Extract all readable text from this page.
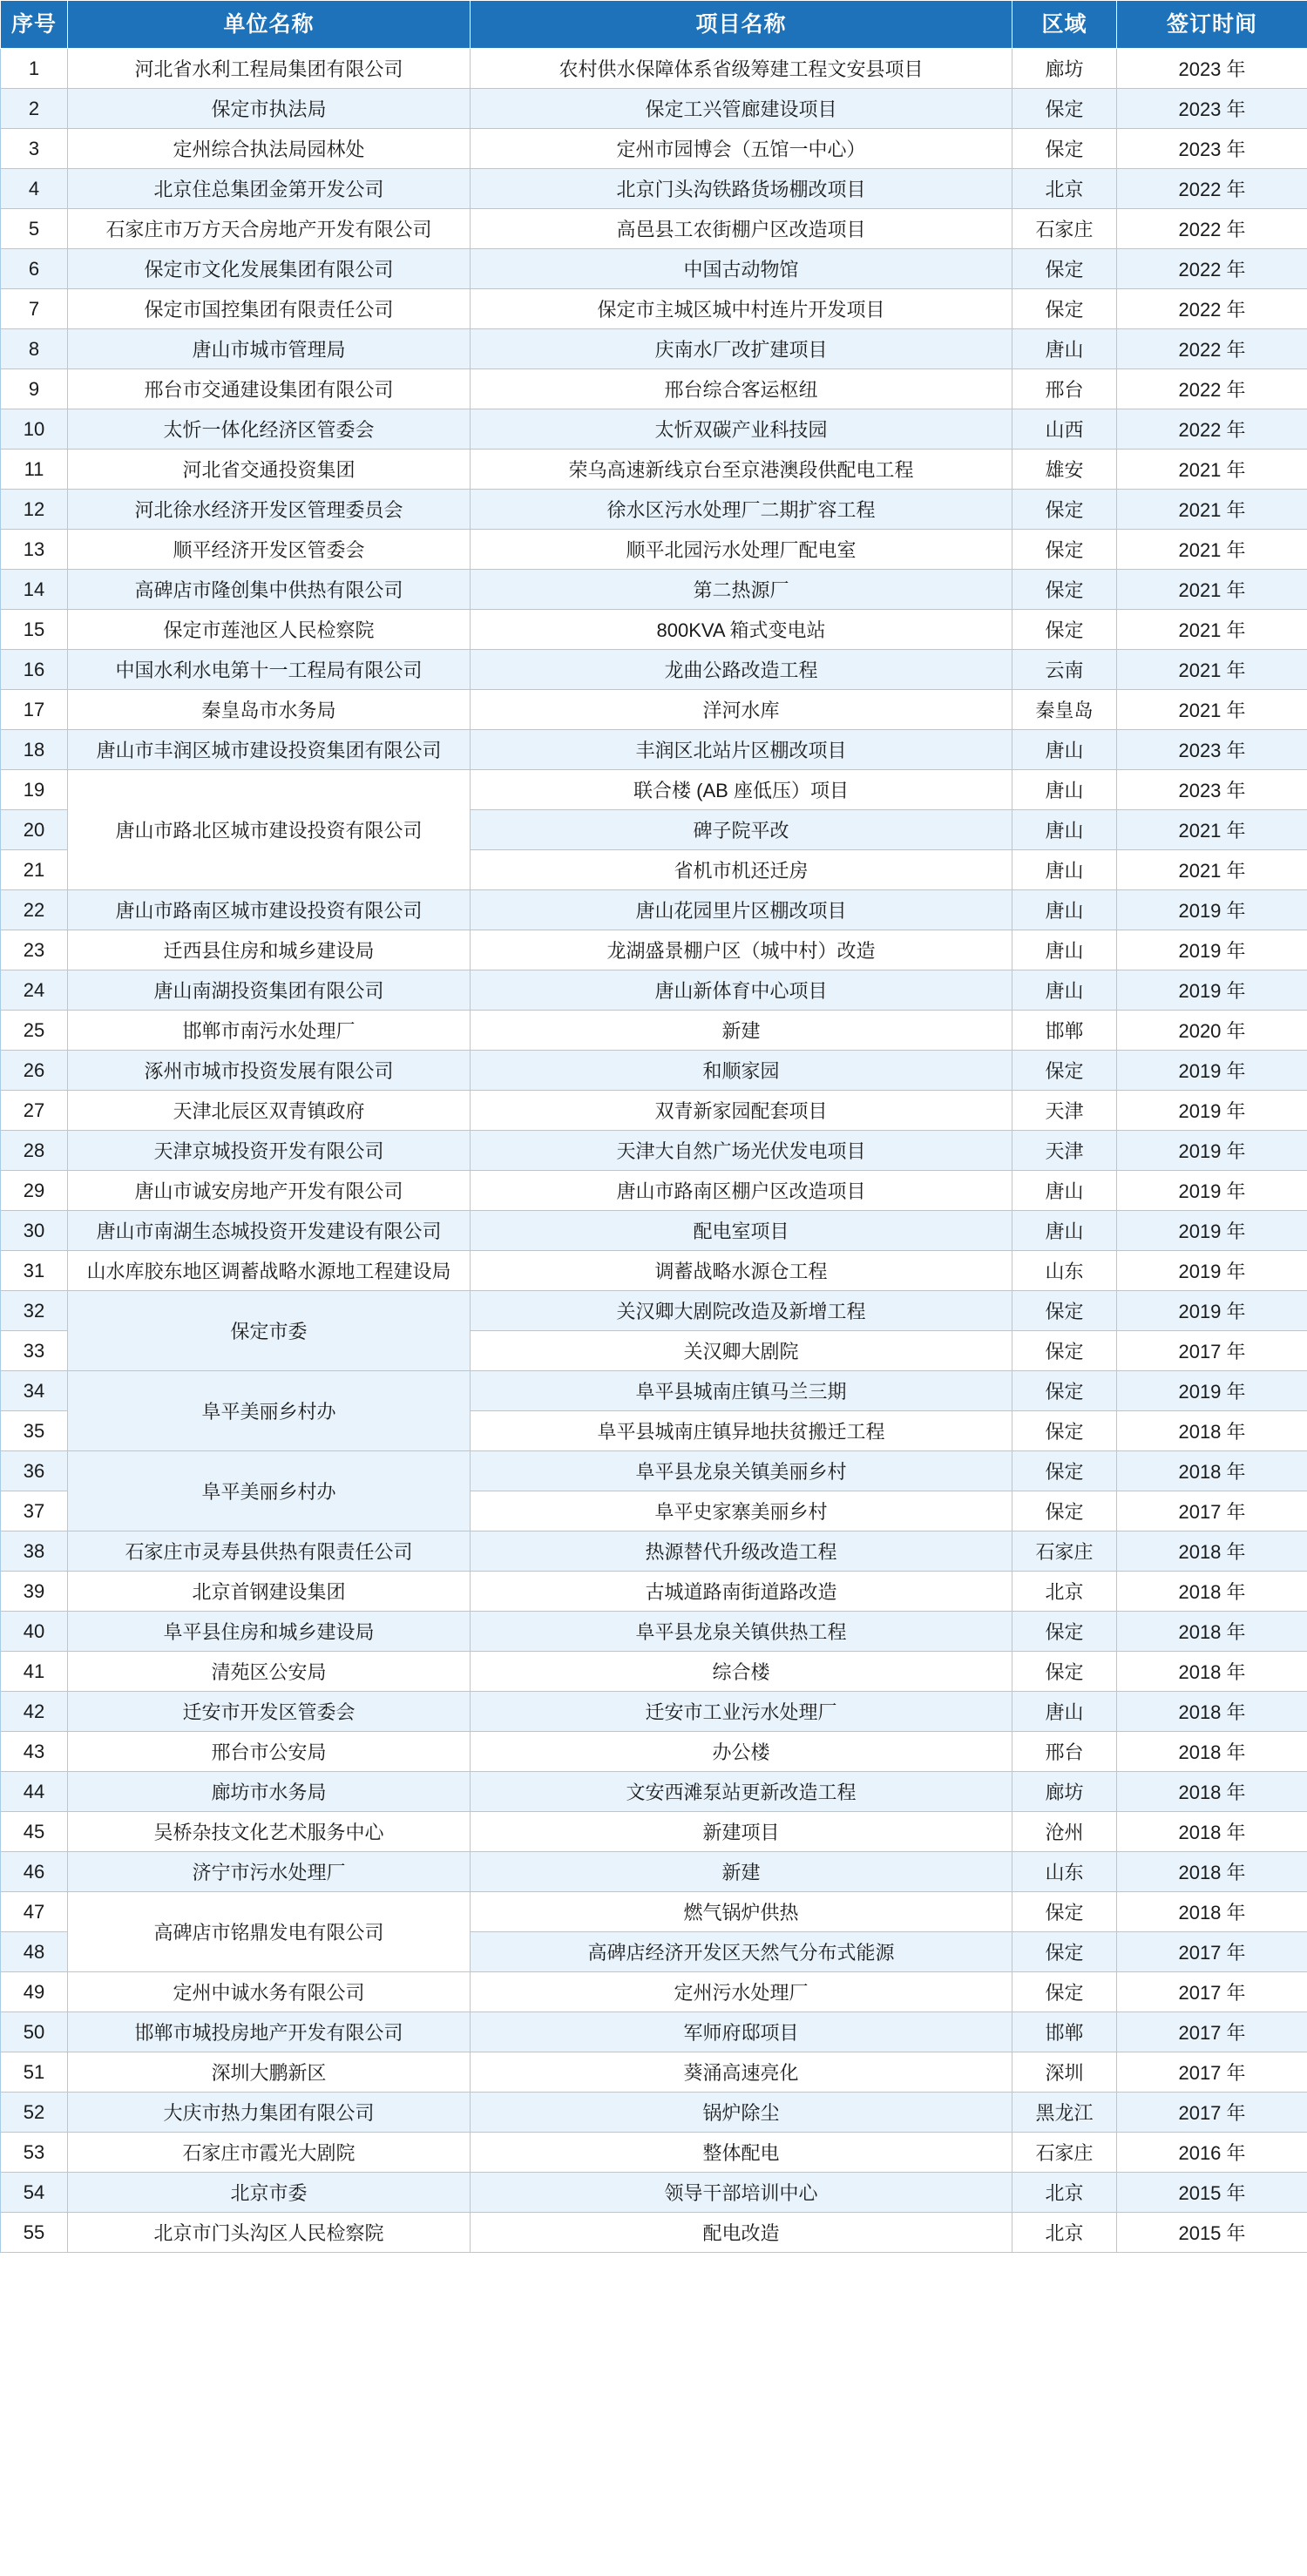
序号	单位名称	项目名称	区域	签订时间
1	河北省水利工程局集团有限公司	农村供水保障体系省级筹建工程文安县项目	廊坊	2023 年
2	保定市执法局	保定工兴管廊建设项目	保定	2023 年
3	定州综合执法局园林处	定州市园博会（五馆一中心）	保定	2023 年
4	北京住总集团金第开发公司	北京门头沟铁路货场棚改项目	北京	2022 年
5	石家庄市万方天合房地产开发有限公司	高邑县工农街棚户区改造项目	石家庄	2022 年
6	保定市文化发展集团有限公司	中国古动物馆	保定	2022 年
7	保定市国控集团有限责任公司	保定市主城区城中村连片开发项目	保定	2022 年
8	唐山市城市管理局	庆南水厂改扩建项目	唐山	2022 年
9	邢台市交通建设集团有限公司	邢台综合客运枢纽	邢台	2022 年
10	太忻一体化经济区管委会	太忻双碳产业科技园	山西	2022 年
11	河北省交通投资集团	荣乌高速新线京台至京港澳段供配电工程	雄安	2021 年
12	河北徐水经济开发区管理委员会	徐水区污水处理厂二期扩容工程	保定	2021 年
13	顺平经济开发区管委会	顺平北园污水处理厂配电室	保定	2021 年
14	高碑店市隆创集中供热有限公司	第二热源厂	保定	2021 年
15	保定市莲池区人民检察院	800KVA 箱式变电站	保定	2021 年
16	中国水利水电第十一工程局有限公司	龙曲公路改造工程	云南	2021 年
17	秦皇岛市水务局	洋河水库	秦皇岛	2021 年
18	唐山市丰润区城市建设投资集团有限公司	丰润区北站片区棚改项目	唐山	2023 年
19	唐山市路北区城市建设投资有限公司	联合楼 (AB 座低压）项目	唐山	2023 年
20		碑子院平改	唐山	2021 年
21		省机市机还迁房	唐山	2021 年
22	唐山市路南区城市建设投资有限公司	唐山花园里片区棚改项目	唐山	2019 年
23	迁西县住房和城乡建设局	龙湖盛景棚户区（城中村）改造	唐山	2019 年
24	唐山南湖投资集团有限公司	唐山新体育中心项目	唐山	2019 年
25	邯郸市南污水处理厂	新建	邯郸	2020 年
26	涿州市城市投资发展有限公司	和顺家园	保定	2019 年
27	天津北辰区双青镇政府	双青新家园配套项目	天津	2019 年
28	天津京城投资开发有限公司	天津大自然广场光伏发电项目	天津	2019 年
29	唐山市诚安房地产开发有限公司	唐山市路南区棚户区改造项目	唐山	2019 年
30	唐山市南湖生态城投资开发建设有限公司	配电室项目	唐山	2019 年
31	山水库胶东地区调蓄战略水源地工程建设局	调蓄战略水源仓工程	山东	2019 年
32	保定市委	关汉卿大剧院改造及新增工程	保定	2019 年
33		关汉卿大剧院	保定	2017 年
34	阜平美丽乡村办	阜平县城南庄镇马兰三期	保定	2019 年
35		阜平县城南庄镇异地扶贫搬迁工程	保定	2018 年
36	阜平美丽乡村办	阜平县龙泉关镇美丽乡村	保定	2018 年
37		阜平史家寨美丽乡村	保定	2017 年
38	石家庄市灵寿县供热有限责任公司	热源替代升级改造工程	石家庄	2018 年
39	北京首钢建设集团	古城道路南街道路改造	北京	2018 年
40	阜平县住房和城乡建设局	阜平县龙泉关镇供热工程	保定	2018 年
41	清苑区公安局	综合楼	保定	2018 年
42	迁安市开发区管委会	迁安市工业污水处理厂	唐山	2018 年
43	邢台市公安局	办公楼	邢台	2018 年
44	廊坊市水务局	文安西滩泵站更新改造工程	廊坊	2018 年
45	吴桥杂技文化艺术服务中心	新建项目	沧州	2018 年
46	济宁市污水处理厂	新建	山东	2018 年
47	高碑店市铭鼎发电有限公司	燃气锅炉供热	保定	2018 年
48		高碑店经济开发区天然气分布式能源	保定	2017 年
49	定州中诚水务有限公司	定州污水处理厂	保定	2017 年
50	邯郸市城投房地产开发有限公司	军师府邸项目	邯郸	2017 年
51	深圳大鹏新区	葵涌高速亮化	深圳	2017 年
52	大庆市热力集团有限公司	锅炉除尘	黑龙江	2017 年
53	石家庄市霞光大剧院	整体配电	石家庄	2016 年
54	北京市委	领导干部培训中心	北京	2015 年
55	北京市门头沟区人民检察院	配电改造	北京	2015 年
